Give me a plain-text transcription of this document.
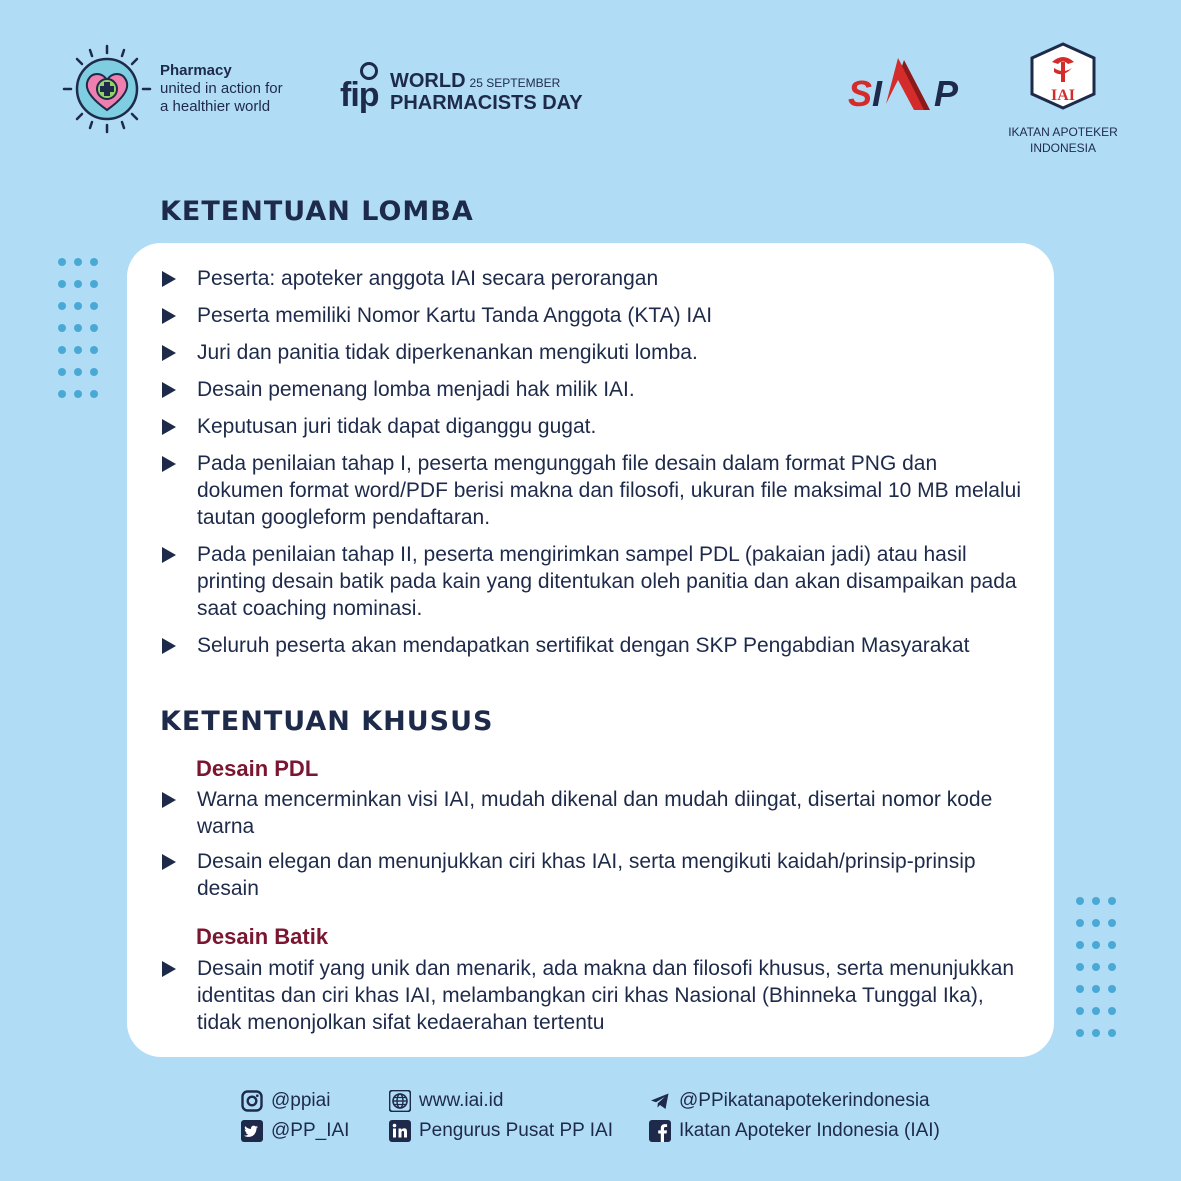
Pharmacy
united in action for
a healthier world	fip WORLD 25 SEPTEMBER
PHARMACISTS DAY	S I P	IAI
IKATAN APOTEKER
INDONESIA
KETENTUAN LOMBA
Peserta: apoteker anggota IAI secara perorangan
Peserta memiliki Nomor Kartu Tanda Anggota (KTA) IAI
Juri dan panitia tidak diperkenankan mengikuti lomba.
Desain pemenang lomba menjadi hak milik IAI.
Keputusan juri tidak dapat diganggu gugat.
Pada penilaian tahap I, peserta mengunggah file desain dalam format PNG dan dokumen format word/PDF berisi makna dan filosofi, ukuran file maksimal 10 MB melalui tautan googleform pendaftaran.
Pada penilaian tahap II, peserta mengirimkan sampel PDL (pakaian jadi) atau hasil printing desain batik pada kain yang ditentukan oleh panitia dan akan disampaikan pada saat coaching nominasi.
Seluruh peserta akan mendapatkan sertifikat dengan SKP Pengabdian Masyarakat
KETENTUAN KHUSUS
Desain PDL
Warna mencerminkan visi IAI, mudah dikenal dan mudah diingat, disertai nomor kode warna
Desain elegan dan menunjukkan ciri khas IAI, serta mengikuti kaidah/prinsip-prinsip desain
Desain Batik
Desain motif yang unik dan menarik, ada makna dan filosofi khusus, serta menunjukkan identitas dan ciri khas IAI, melambangkan ciri khas Nasional (Bhinneka Tunggal Ika), tidak menonjolkan sifat kedaerahan tertentu
@ppiai
@PP_IAI
www.iai.id
Pengurus Pusat PP IAI
@PPikatanapotekerindonesia
Ikatan Apoteker Indonesia (IAI)
